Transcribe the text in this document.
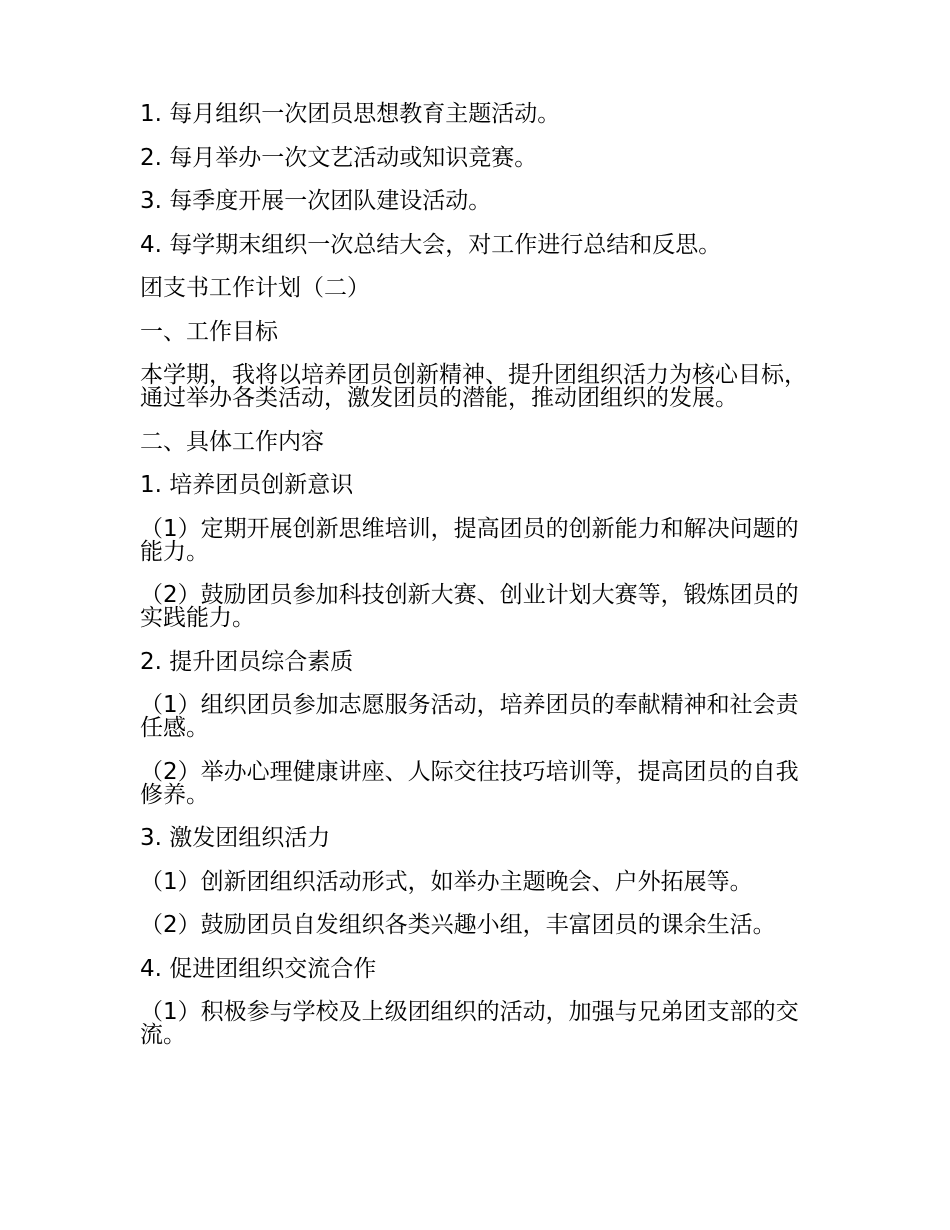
1. 每月组织一次团员思想教育主题活动。

2. 每月举办一次文艺活动或知识竞赛。

3. 每季度开展一次团队建设活动。

4. 每学期末组织一次总结大会，对工作进行总结和反思。

团支书工作计划（二）

一、工作目标

本学期，我将以培养团员创新精神、提升团组织活力为核心目标，通过举办各类活动，激发团员的潜能，推动团组织的发展。

二、具体工作内容

1. 培养团员创新意识

（1）定期开展创新思维培训，提高团员的创新能力和解决问题的能力。

（2）鼓励团员参加科技创新大赛、创业计划大赛等，锻炼团员的实践能力。

2. 提升团员综合素质

（1）组织团员参加志愿服务活动，培养团员的奉献精神和社会责任感。

（2）举办心理健康讲座、人际交往技巧培训等，提高团员的自我修养。

3. 激发团组织活力

（1）创新团组织活动形式，如举办主题晚会、户外拓展等。

（2）鼓励团员自发组织各类兴趣小组，丰富团员的课余生活。

4. 促进团组织交流合作

（1）积极参与学校及上级团组织的活动，加强与兄弟团支部的交流。
